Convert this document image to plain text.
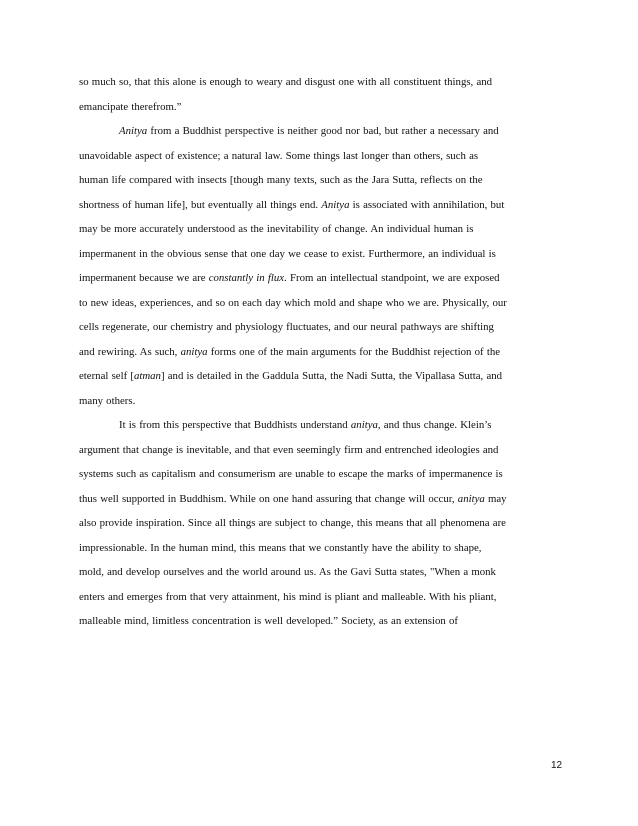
so much so, that this alone is enough to weary and disgust one with all constituent things, and
emancipate therefrom.”

Anitya from a Buddhist perspective is neither good nor bad, but rather a necessary and
unavoidable aspect of existence; a natural law. Some things last longer than others, such as
human life compared with insects [though many texts, such as the Jara Sutta, reflects on the
shortness of human life], but eventually all things end. Anitya is associated with annihilation, but
may be more accurately understood as the inevitability of change. An individual human is
impermanent in the obvious sense that one day we cease to exist. Furthermore, an individual is
impermanent because we are constantly in flux. From an intellectual standpoint, we are exposed
to new ideas, experiences, and so on each day which mold and shape who we are. Physically, our
cells regenerate, our chemistry and physiology fluctuates, and our neural pathways are shifting
and rewiring. As such, anitya forms one of the main arguments for the Buddhist rejection of the
eternal self [atman] and is detailed in the Gaddula Sutta, the Nadi Sutta, the Vipallasa Sutta, and
many others.

It is from this perspective that Buddhists understand anitya, and thus change. Klein’s
argument that change is inevitable, and that even seemingly firm and entrenched ideologies and
systems such as capitalism and consumerism are unable to escape the marks of impermanence is
thus well supported in Buddhism. While on one hand assuring that change will occur, anitya may
also provide inspiration. Since all things are subject to change, this means that all phenomena are
impressionable. In the human mind, this means that we constantly have the ability to shape,
mold, and develop ourselves and the world around us. As the Gavi Sutta states, "When a monk
enters and emerges from that very attainment, his mind is pliant and malleable. With his pliant,
malleable mind, limitless concentration is well developed.” Society, as an extension of

12
